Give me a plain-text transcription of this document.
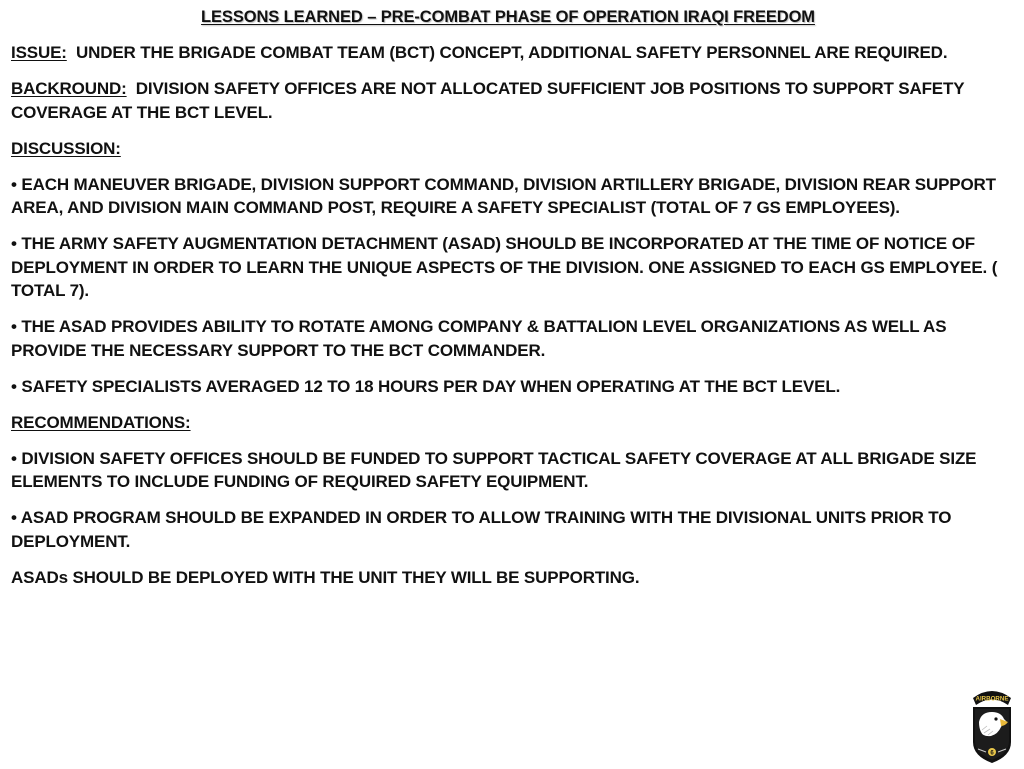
LESSONS LEARNED – PRE-COMBAT PHASE OF OPERATION IRAQI FREEDOM
ISSUE: UNDER THE BRIGADE COMBAT TEAM (BCT) CONCEPT, ADDITIONAL SAFETY PERSONNEL ARE REQUIRED.
BACKROUND: DIVISION SAFETY OFFICES ARE NOT ALLOCATED SUFFICIENT JOB POSITIONS TO SUPPORT SAFETY COVERAGE AT THE BCT LEVEL.
DISCUSSION:
• EACH MANEUVER BRIGADE, DIVISION SUPPORT COMMAND, DIVISION ARTILLERY BRIGADE, DIVISION REAR SUPPORT AREA, AND DIVISION MAIN COMMAND POST, REQUIRE A SAFETY SPECIALIST (TOTAL OF 7 GS EMPLOYEES).
• THE ARMY SAFETY AUGMENTATION DETACHMENT (ASAD) SHOULD BE INCORPORATED AT THE TIME OF NOTICE OF DEPLOYMENT IN ORDER TO LEARN THE UNIQUE ASPECTS OF THE DIVISION. ONE ASSIGNED TO EACH GS EMPLOYEE. ( TOTAL 7).
• THE ASAD PROVIDES ABILITY TO ROTATE AMONG COMPANY & BATTALION LEVEL ORGANIZATIONS AS WELL AS PROVIDE THE NECESSARY SUPPORT TO THE BCT COMMANDER.
• SAFETY SPECIALISTS AVERAGED 12 TO 18 HOURS PER DAY WHEN OPERATING AT THE BCT LEVEL.
RECOMMENDATIONS:
• DIVISION SAFETY OFFICES SHOULD BE FUNDED TO SUPPORT TACTICAL SAFETY COVERAGE AT ALL BRIGADE SIZE ELEMENTS TO INCLUDE FUNDING OF REQUIRED SAFETY EQUIPMENT.
• ASAD PROGRAM SHOULD BE EXPANDED IN ORDER TO ALLOW TRAINING WITH THE DIVISIONAL UNITS PRIOR TO DEPLOYMENT.
ASADs SHOULD BE DEPLOYED WITH THE UNIT THEY WILL BE SUPPORTING.
AIRBORNE
6
